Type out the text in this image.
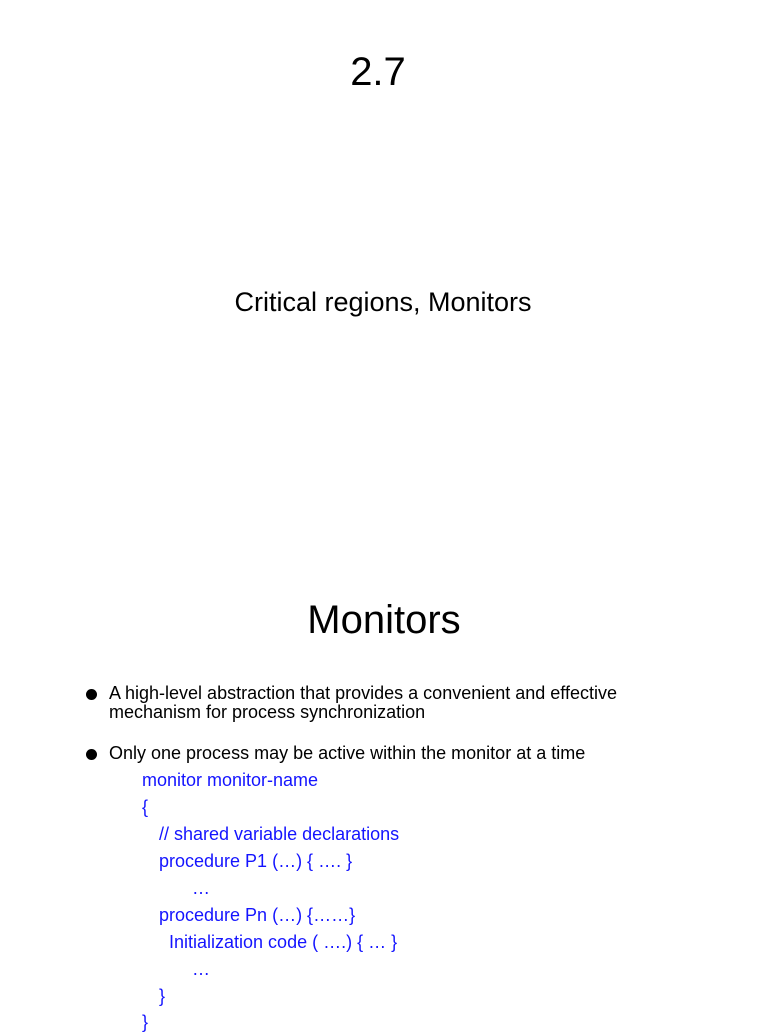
2.7
Critical regions, Monitors
Monitors
A high-level abstraction that provides a convenient and effective mechanism for process synchronization
Only one process may be active within the monitor at a time
monitor monitor-name
{
// shared variable declarations
procedure P1 (…) { …. }
…
procedure Pn (…) {……}
Initialization code ( ….) { … }
…
}
}
